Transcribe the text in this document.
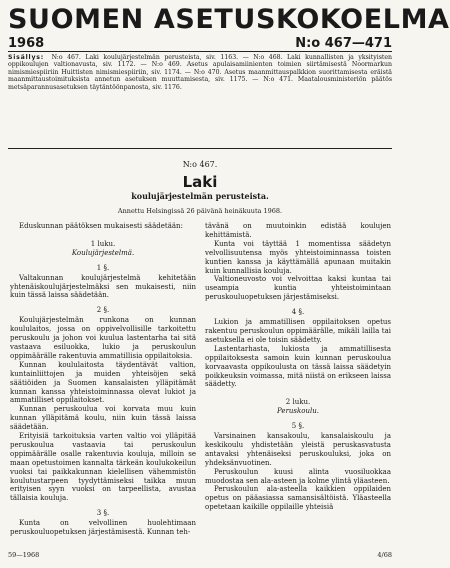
SUOMEN ASETUSKOKOELMA
1968	N:o 467—471
Sisällys: N:o 467. Laki koulujärjestelmän perusteista, siv. 1163. — N:o 468. Laki kunnallisten ja yksityisten oppikoulujen valtionavusta, siv. 1172. — N:o 469. Asetus apulaisamiinienten toimien siirtämisestä Noormarkun nimismiespiiriin Huittisten nimismiespiiriin, siv. 1174. — N:o 470. Asetus maanmittauspalkkion suorittamisesta eräistä maanmittaustoimituksista annetun asetuksen muuttamisesta, siv. 1175. — N:o 471. Maatalousministeriön päätös metsäparannusasetuksen täytäntöönpanosta, siv. 1176.
N:o 467.
Laki
koulujärjestelmän perusteista.
Annettu Helsingissä 26 päivänä heinäkuuta 1968.

Eduskunnan päätöksen mukaisesti säädetään:

1 luku.

Koulujärjestelmä.

1 §.

Valtakunnan koulujärjestelmä kehitetään yhtenäiskoulujärjestelmäksi sen mukaisesti, niin kuin tässä laissa säädetään.

2 §.

Koulujärjestelmän runkona on kunnan koululaitos, jossa on oppivelvollisille tarkoitettu peruskoulu ja johon voi kuulua lastentarha tai sitä vastaava esiluokka, lukio ja peruskoulun oppimäärälle rakentuvia ammatillisia oppilaitoksia.

Kunnan koululaitosta täydentävät valtion, kuntainliittojen ja muiden yhteisöjen sekä säätiöiden ja Suomen kansalaisten ylläpitämät kunnan kanssa yhteistoiminnassa olevat lukiot ja ammatilliset oppilaitokset.

Kunnan peruskoulua voi korvata muu kuin kunnan ylläpitämä koulu, niin kuin tässä laissa säädetään.

Erityisiä tarkoituksia varten valtio voi ylläpitää peruskoulua vastaavia tai peruskoulun oppimäärälle osalle rakentuvia kouluja, milloin se maan opetustoimen kannalta tärkeän koulukokeilun vuoksi tai paikkakunnan kielellisen vähemmistön koulutustarpeen tyydyttämiseksi taikka muun erityisen syyn vuoksi on tarpeellista, avustaa tällaisia kouluja.

3 §.

Kunta on velvollinen huolehtimaan peruskouluopetuksen järjestämisestä. Kunnan teh-

tävänä on muutoinkin edistää koulujen kehittämistä.

Kunta voi täyttää 1 momentissa säädetyn velvollisuutensa myös yhteistoiminnassa toisten kuntien kanssa ja käyttämällä apunaan muitakin kuin kunnallisia kouluja.

Valtioneuvosto voi velvoittaa kaksi kuntaa tai useampia kuntia yhteistoimintaan peruskouluopetuksen järjestämiseksi.

4 §.

Lukion ja ammatillisen oppilaitoksen opetus rakentuu peruskoulun oppimäärälle, mikäli lailla tai asetuksella ei ole toisin säädetty.

Lastentarhasta, lukiosta ja ammatillisesta oppilaitoksesta samoin kuin kunnan peruskoulua korvaavasta oppikoulusta on tässä laissa säädetyin poikkeuksin voimassa, mitä niistä on erikseen laissa säädetty.

2 luku.

Peruskoulu.

5 §.

Varsinainen kansakoulu, kansalaiskoulu ja keskikoulu yhdistetään yleistä peruskasvatusta antavaksi yhtenäiseksi peruskouluksi, joka on yhdeksänvuotinen.

Peruskoulun kuusi alinta vuosiluokkaa muodostaa sen ala-asteen ja kolme ylintä yläasteen.

Peruskoulun ala-asteella kaikkien oppilaiden opetus on pääasiassa samansisältöistä. Yläasteella opetetaan kaikille oppilaille yhteisiä

59—1968	4/68
